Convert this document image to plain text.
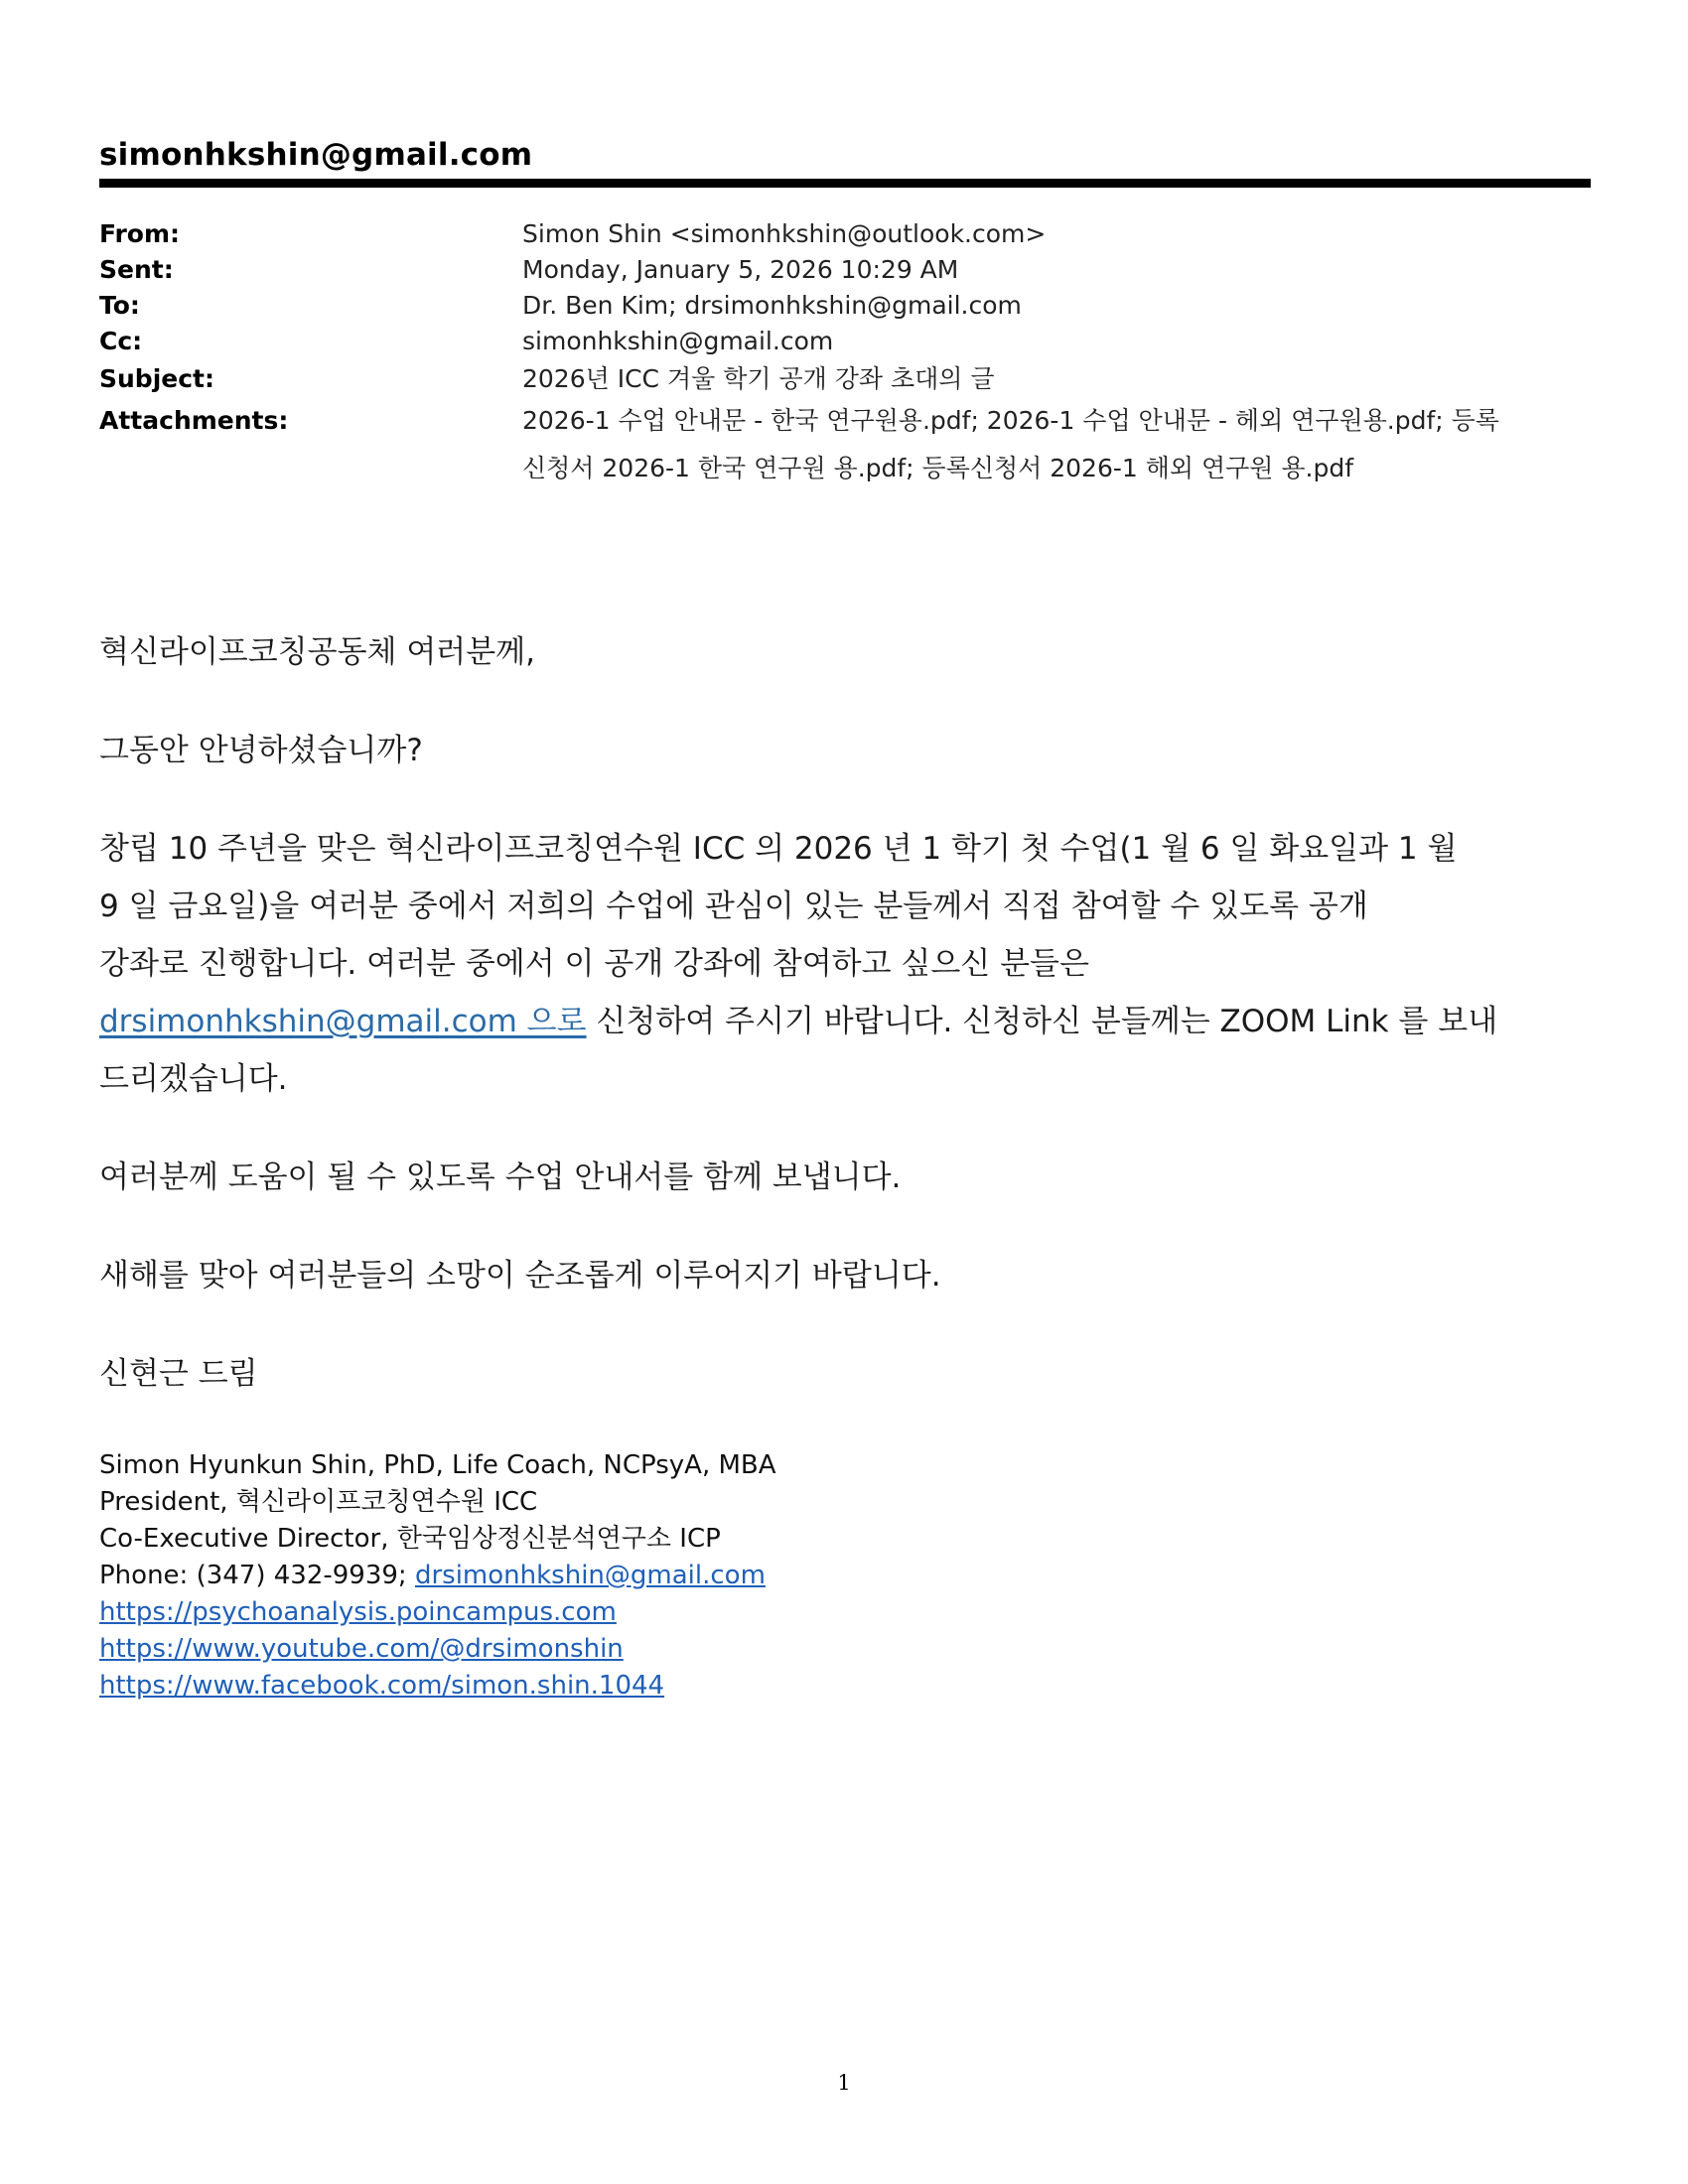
simonhkshin@gmail.com
From:	Simon Shin <simonhkshin@outlook.com>
Sent:	Monday, January 5, 2026 10:29 AM
To:	Dr. Ben Kim; drsimonhkshin@gmail.com
Cc:	simonhkshin@gmail.com
Subject:	2026년 ICC 겨울 학기 공개 강좌 초대의 글
Attachments:	2026-1 수업 안내문 - 한국 연구원용.pdf; 2026-1 수업 안내문 - 헤외 연구원용.pdf; 등록
신청서 2026-1 한국 연구원 용.pdf; 등록신청서 2026-1 해외 연구원 용.pdf

혁신라이프코칭공동체 여러분께,

그동안 안녕하셨습니까?

창립 10 주년을 맞은 혁신라이프코칭연수원 ICC 의 2026 년 1 학기 첫 수업(1 월 6 일 화요일과 1 월
9 일 금요일)을 여러분 중에서 저희의 수업에 관심이 있는 분들께서 직접 참여할 수 있도록 공개
강좌로 진행합니다. 여러분 중에서 이 공개 강좌에 참여하고 싶으신 분들은
drsimonhkshin@gmail.com 으로 신청하여 주시기 바랍니다. 신청하신 분들께는 ZOOM Link 를 보내
드리겠습니다.

여러분께 도움이 될 수 있도록 수업 안내서를 함께 보냅니다.

새해를 맞아 여러분들의 소망이 순조롭게 이루어지기 바랍니다.

신현근 드림

Simon Hyunkun Shin, PhD, Life Coach, NCPsyA, MBA
President, 혁신라이프코칭연수원 ICC
Co-Executive Director, 한국임상정신분석연구소 ICP
Phone: (347) 432-9939; drsimonhkshin@gmail.com
https://psychoanalysis.poincampus.com
https://www.youtube.com/@drsimonshin
https://www.facebook.com/simon.shin.1044
1
